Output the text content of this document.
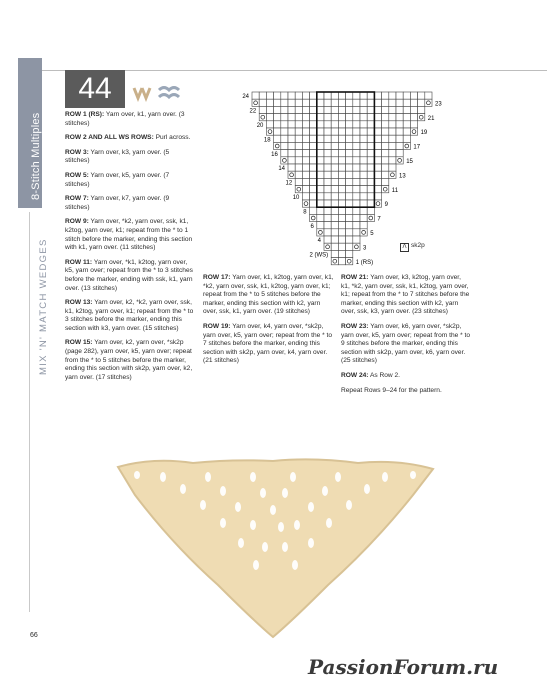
8-Stitch Multiples
MIX 'N' MATCH WEDGES
44

ROW 1 (RS): Yarn over, k1, yarn over. (3 stitches)

ROW 2 AND ALL WS ROWS: Purl across.

ROW 3: Yarn over, k3, yarn over. (5 stitches)

ROW 5: Yarn over, k5, yarn over. (7 stitches)

ROW 7: Yarn over, k7, yarn over. (9 stitches)

ROW 9: Yarn over, *k2, yarn over, ssk, k1, k2tog, yarn over, k1; repeat from the * to 1 stitch before the marker, ending this section with k1, yarn over. (11 stitches)

ROW 11: Yarn over, *k1, k2tog, yarn over, k5, yarn over; repeat from the * to 3 stitches before the marker, ending with ssk, k1, yarn over. (13 stitches)

ROW 13: Yarn over, k2, *k2, yarn over, ssk, k1, k2tog, yarn over, k1; repeat from the * to 3 stitches before the marker, ending this section with k3, yarn over. (15 stitches)

ROW 15: Yarn over, k2, yarn over, *sk2p (page 282), yarn over, k5, yarn over; repeat from the * to 5 stitches before the marker, ending this section with sk2p, yarn over, k2, yarn over. (17 stitches)

ROW 17: Yarn over, k1, k2tog, yarn over, k1, *k2, yarn over, ssk, k1, k2tog, yarn over, k1; repeat from the * to 5 stitches before the marker, ending this section with k2, yarn over, ssk, k1, yarn over. (19 stitches)

ROW 19: Yarn over, k4, yarn over, *sk2p, yarn over, k5, yarn over; repeat from the * to 7 stitches before the marker, ending this section with sk2p, yarn over, k4, yarn over. (21 stitches)

ROW 21: Yarn over, k3, k2tog, yarn over, k1, *k2, yarn over, ssk, k1, k2tog, yarn over, k1; repeat from the * to 7 stitches before the marker, ending this section with k2, yarn over, ssk, k3, yarn over. (23 stitches)

ROW 23: Yarn over, k6, yarn over, *sk2p, yarn over, k5, yarn over; repeat from the * to 9 stitches before the marker, ending this section with sk2p, yarn over, k6, yarn over. (25 stitches)

ROW 24: As Row 2.

Repeat Rows 9–24 for the pattern.

24
22
20
18
16
14
12
10
8
6
4
2 (WS)
23
21
19
17
15
13
11
9
7
5
3
1 (RS)
Λ sk2p
66
PassionForum.ru
